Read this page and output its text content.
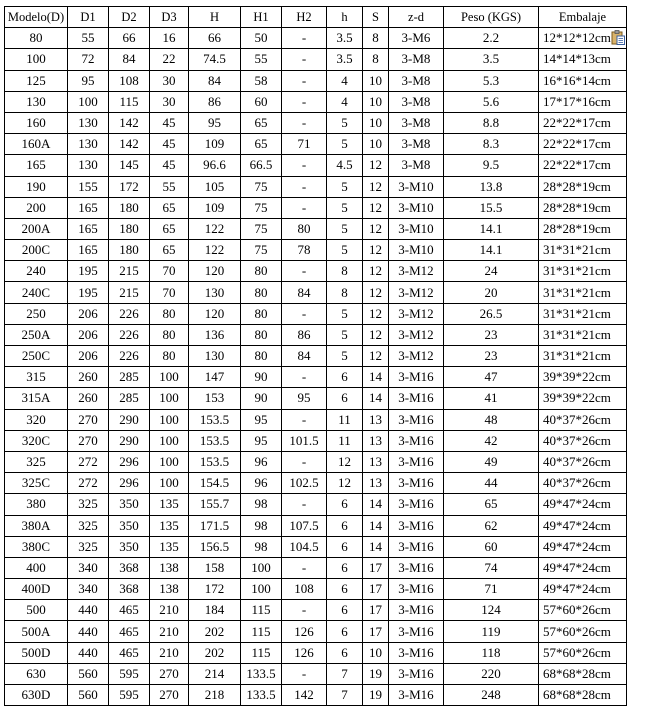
Modelo(D)	D1	D2	D3	H	H1	H2	h	S	z-d	Peso (KGS)	Embalaje
80	55	66	16	66	50	-	3.5	8	3-M6	2.2	12*12*12cm

100	72	84	22	74.5	55	-	3.5	8	3-M8	3.5	14*14*13cm
125	95	108	30	84	58	-	4	10	3-M8	5.3	16*16*14cm
130	100	115	30	86	60	-	4	10	3-M8	5.6	17*17*16cm
160	130	142	45	95	65	-	5	10	3-M8	8.8	22*22*17cm
160A	130	142	45	109	65	71	5	10	3-M8	8.3	22*22*17cm
165	130	145	45	96.6	66.5	-	4.5	12	3-M8	9.5	22*22*17cm
190	155	172	55	105	75	-	5	12	3-M10	13.8	28*28*19cm
200	165	180	65	109	75	-	5	12	3-M10	15.5	28*28*19cm
200A	165	180	65	122	75	80	5	12	3-M10	14.1	28*28*19cm
200C	165	180	65	122	75	78	5	12	3-M10	14.1	31*31*21cm
240	195	215	70	120	80	-	8	12	3-M12	24	31*31*21cm
240C	195	215	70	130	80	84	8	12	3-M12	20	31*31*21cm
250	206	226	80	120	80	-	5	12	3-M12	26.5	31*31*21cm
250A	206	226	80	136	80	86	5	12	3-M12	23	31*31*21cm
250C	206	226	80	130	80	84	5	12	3-M12	23	31*31*21cm
315	260	285	100	147	90	-	6	14	3-M16	47	39*39*22cm
315A	260	285	100	153	90	95	6	14	3-M16	41	39*39*22cm
320	270	290	100	153.5	95	-	11	13	3-M16	48	40*37*26cm
320C	270	290	100	153.5	95	101.5	11	13	3-M16	42	40*37*26cm
325	272	296	100	153.5	96	-	12	13	3-M16	49	40*37*26cm
325C	272	296	100	154.5	96	102.5	12	13	3-M16	44	40*37*26cm
380	325	350	135	155.7	98	-	6	14	3-M16	65	49*47*24cm
380A	325	350	135	171.5	98	107.5	6	14	3-M16	62	49*47*24cm
380C	325	350	135	156.5	98	104.5	6	14	3-M16	60	49*47*24cm
400	340	368	138	158	100	-	6	17	3-M16	74	49*47*24cm
400D	340	368	138	172	100	108	6	17	3-M16	71	49*47*24cm
500	440	465	210	184	115	-	6	17	3-M16	124	57*60*26cm
500A	440	465	210	202	115	126	6	17	3-M16	119	57*60*26cm
500D	440	465	210	202	115	126	6	10	3-M16	118	57*60*26cm
630	560	595	270	214	133.5	-	7	19	3-M16	220	68*68*28cm
630D	560	595	270	218	133.5	142	7	19	3-M16	248	68*68*28cm
